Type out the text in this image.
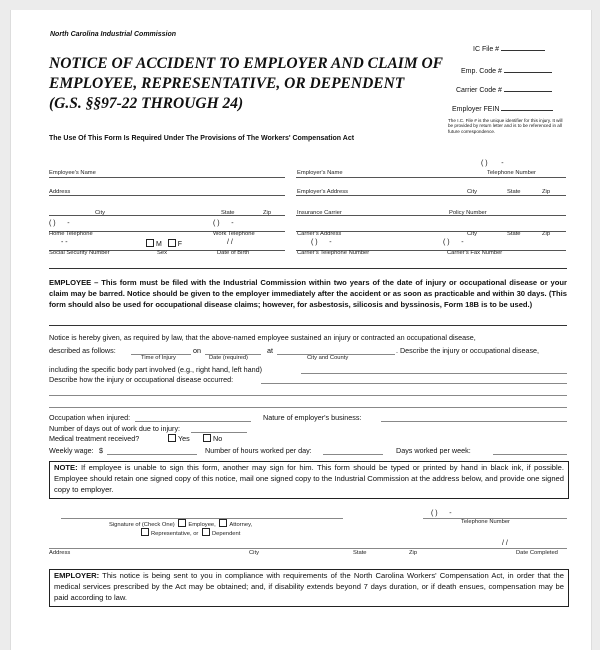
North Carolina Industrial Commission
NOTICE OF ACCIDENT TO EMPLOYER AND CLAIM OF
EMPLOYEE, REPRESENTATIVE, OR DEPENDENT
(G.S. §§97-22 THROUGH 24)
IC File #
Emp. Code #
Carrier Code #
Employer FEIN
The I.C. File # is the unique identifier for this injury. It will be provided by return letter and is to be referenced in all future correspondence.
The Use Of This Form Is Required Under The Provisions of The Workers' Compensation Act
( ) -
Employee's Name	Employer's Name	Telephone Number
Address	Employer's Address	City	State	Zip
City	State	Zip	Insurance Carrier	Policy Number
( ) -	( ) -
Home Telephone	Work Telephone	Carrier's Address	City	State	Zip
- -	M F	/ /	( ) -	( ) -
Social Security Number	Sex	Date of Birth	Carrier's Telephone Number	Carrier's Fax Number
EMPLOYEE – This form must be filed with the Industrial Commission within two years of the date of injury or occupational disease or your claim may be barred. Notice should be given to the employer immediately after the accident or as soon as practicable and within 30 days. (This form should also be used for occupational disease claims; however, for asbestosis, silicosis and byssinosis, Form 18B is to be used.)
Notice is hereby given, as required by law, that the above-named employee sustained an injury or contracted an occupational disease,
described as follows:	on	at	. Describe the injury or occupational disease,
Time of Injury	Date (required)	City and County
including the specific body part involved (e.g., right hand, left hand)
Describe how the injury or occupational disease occurred:
Occupation when injured:	Nature of employer's business:
Number of days out of work due to injury:
Medical treatment received?	Yes	No
Weekly wage: $	Number of hours worked per day:	Days worked per week:
NOTE: If employee is unable to sign this form, another may sign for him. This form should be typed or printed by hand in black ink, if possible. Employee should retain one signed copy of this notice, mail one signed copy to the Industrial Commission at the address below, and provide one signed copy to employer.
( ) -
Signature of (Check One) Employee, Attorney,
Representative, or Dependent
Telephone Number
/ /
Address	City	State	Zip	Date Completed
EMPLOYER: This notice is being sent to you in compliance with requirements of the North Carolina Workers' Compensation Act, in order that the medical services prescribed by the Act may be obtained; and, if disability extends beyond 7 days duration, or if death ensues, compensation may be paid according to law.
